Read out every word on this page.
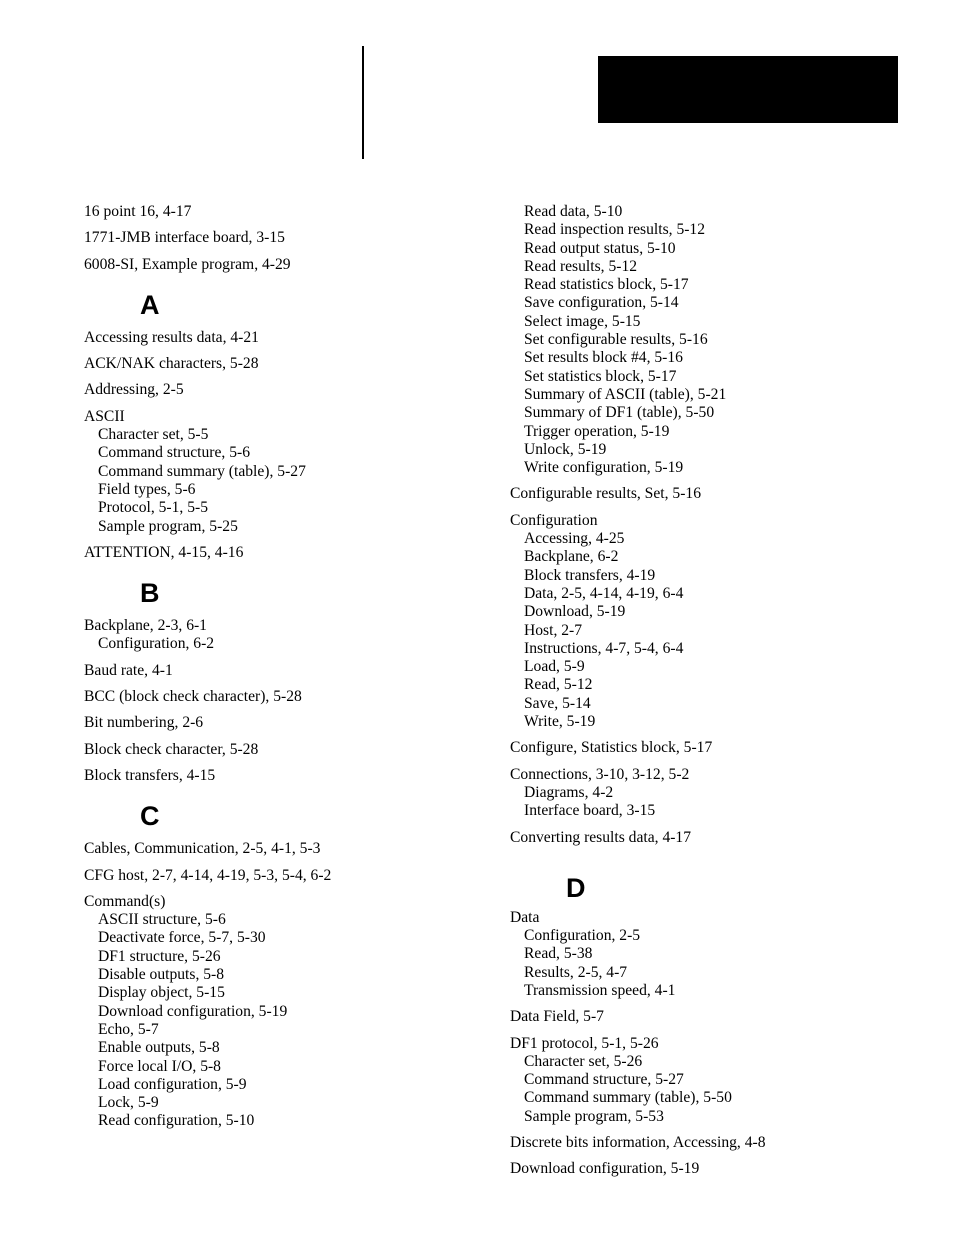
16 point 16, 4-17
1771-JMB interface board, 3-15
6008-SI, Example program, 4-29
A
Accessing results data, 4-21
ACK/NAK characters, 5-28
Addressing, 2-5
ASCII
Character set, 5-5
Command structure, 5-6
Command summary (table), 5-27
Field types, 5-6
Protocol, 5-1, 5-5
Sample program, 5-25
ATTENTION, 4-15, 4-16
B
Backplane, 2-3, 6-1
Configuration, 6-2
Baud rate, 4-1
BCC (block check character), 5-28
Bit numbering, 2-6
Block check character, 5-28
Block transfers, 4-15
C
Cables, Communication, 2-5, 4-1, 5-3
CFG host, 2-7, 4-14, 4-19, 5-3, 5-4, 6-2
Command(s)
ASCII structure, 5-6
Deactivate force, 5-7, 5-30
DF1 structure, 5-26
Disable outputs, 5-8
Display object, 5-15
Download configuration, 5-19
Echo, 5-7
Enable outputs, 5-8
Force local I/O, 5-8
Load configuration, 5-9
Lock, 5-9
Read configuration, 5-10
Read data, 5-10
Read inspection results, 5-12
Read output status, 5-10
Read results, 5-12
Read statistics block, 5-17
Save configuration, 5-14
Select image, 5-15
Set configurable results, 5-16
Set results block #4, 5-16
Set statistics block, 5-17
Summary of ASCII (table), 5-21
Summary of DF1 (table), 5-50
Trigger operation, 5-19
Unlock, 5-19
Write configuration, 5-19
Configurable results, Set, 5-16
Configuration
Accessing, 4-25
Backplane, 6-2
Block transfers, 4-19
Data, 2-5, 4-14, 4-19, 6-4
Download, 5-19
Host, 2-7
Instructions, 4-7, 5-4, 6-4
Load, 5-9
Read, 5-12
Save, 5-14
Write, 5-19
Configure, Statistics block, 5-17
Connections, 3-10, 3-12, 5-2
Diagrams, 4-2
Interface board, 3-15
Converting results data, 4-17
D
Data
Configuration, 2-5
Read, 5-38
Results, 2-5, 4-7
Transmission speed, 4-1
Data Field, 5-7
DF1 protocol, 5-1, 5-26
Character set, 5-26
Command structure, 5-27
Command summary (table), 5-50
Sample program, 5-53
Discrete bits information, Accessing, 4-8
Download configuration, 5-19
